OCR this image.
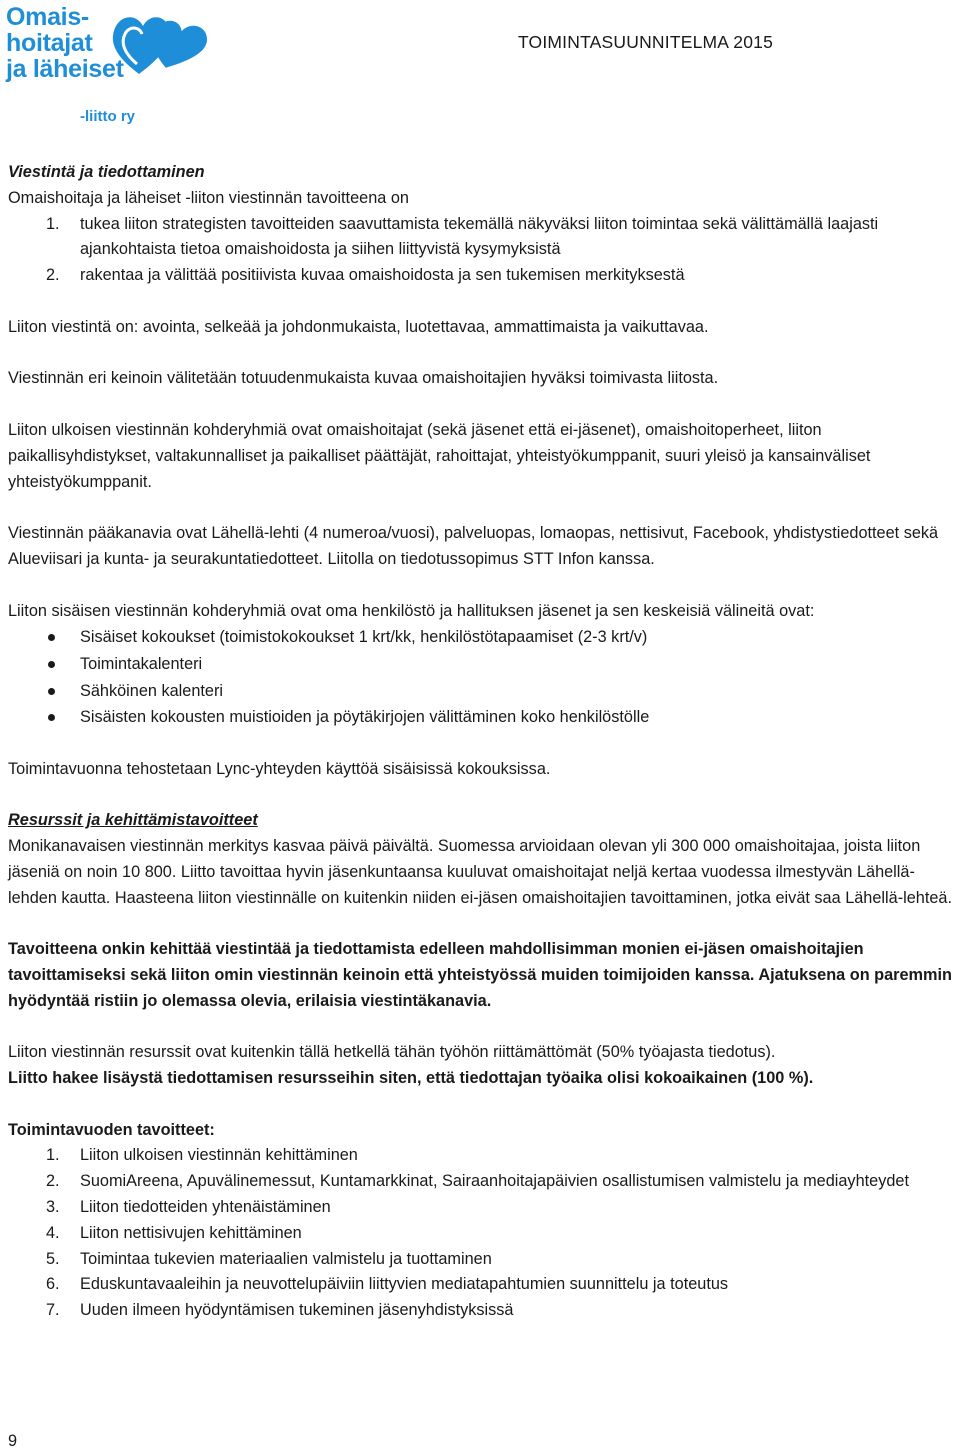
Omais-
hoitajat
ja läheiset
-liitto ry
TOIMINTASUUNNITELMA 2015

Viestintä ja tiedottaminen

Omaishoitaja ja läheiset -liiton viestinnän tavoitteena on

1. tukea liiton strategisten tavoitteiden saavuttamista tekemällä näkyväksi liiton toimintaa sekä välittämällä laajasti ajankohtaista tietoa omaishoidosta ja siihen liittyvistä kysymyksistä
2. rakentaa ja välittää positiivista kuvaa omaishoidosta ja sen tukemisen merkityksestä

Liiton viestintä on: avointa, selkeää ja johdonmukaista, luotettavaa, ammattimaista ja vaikuttavaa.

Viestinnän eri keinoin välitetään totuudenmukaista kuvaa omaishoitajien hyväksi toimivasta liitosta.

Liiton ulkoisen viestinnän kohderyhmiä ovat omaishoitajat (sekä jäsenet että ei-jäsenet), omaishoitoperheet, liiton paikallisyhdistykset, valtakunnalliset ja paikalliset päättäjät, rahoittajat, yhteistyökumppanit, suuri yleisö ja kansainväliset yhteistyökumppanit.

Viestinnän pääkanavia ovat Lähellä-lehti (4 numeroa/vuosi), palveluopas, lomaopas, nettisivut, Facebook, yhdistystiedotteet sekä Alueviisari ja kunta- ja seurakuntatiedotteet. Liitolla on tiedotussopimus STT Infon kanssa.

Liiton sisäisen viestinnän kohderyhmiä ovat oma henkilöstö ja hallituksen jäsenet ja sen keskeisiä välineitä ovat:

Sisäiset kokoukset (toimistokokoukset 1 krt/kk, henkilöstötapaamiset (2-3 krt/v)
Toimintakalenteri
Sähköinen kalenteri
Sisäisten kokousten muistioiden ja pöytäkirjojen välittäminen koko henkilöstölle

Toimintavuonna tehostetaan Lync-yhteyden käyttöä sisäisissä kokouksissa.

Resurssit ja kehittämistavoitteet

Monikanavaisen viestinnän merkitys kasvaa päivä päivältä. Suomessa arvioidaan olevan yli 300 000 omaishoitajaa, joista liiton jäseniä on noin 10 800. Liitto tavoittaa hyvin jäsenkuntaansa kuuluvat omaishoitajat neljä kertaa vuodessa ilmestyvän Lähellä-lehden kautta. Haasteena liiton viestinnälle on kuitenkin niiden ei-jäsen omaishoitajien tavoittaminen, jotka eivät saa Lähellä-lehteä.

Tavoitteena onkin kehittää viestintää ja tiedottamista edelleen mahdollisimman monien ei-jäsen omaishoitajien tavoittamiseksi sekä liiton omin viestinnän keinoin että yhteistyössä muiden toimijoiden kanssa. Ajatuksena on paremmin hyödyntää ristiin jo olemassa olevia, erilaisia viestintäkanavia.

Liiton viestinnän resurssit ovat kuitenkin tällä hetkellä tähän työhön riittämättömät (50% työajasta tiedotus).

Liitto hakee lisäystä tiedottamisen resursseihin siten, että tiedottajan työaika olisi kokoaikainen (100 %).

Toimintavuoden tavoitteet:

1. Liiton ulkoisen viestinnän kehittäminen
2. SuomiAreena, Apuvälinemessut, Kuntamarkkinat, Sairaanhoitajapäivien osallistumisen valmistelu ja mediayhteydet
3. Liiton tiedotteiden yhtenäistäminen
4. Liiton nettisivujen kehittäminen
5. Toimintaa tukevien materiaalien valmistelu ja tuottaminen
6. Eduskuntavaaleihin ja neuvottelupäiviin liittyvien mediatapahtumien suunnittelu ja toteutus
7. Uuden ilmeen hyödyntämisen tukeminen jäsenyhdistyksissä
9
